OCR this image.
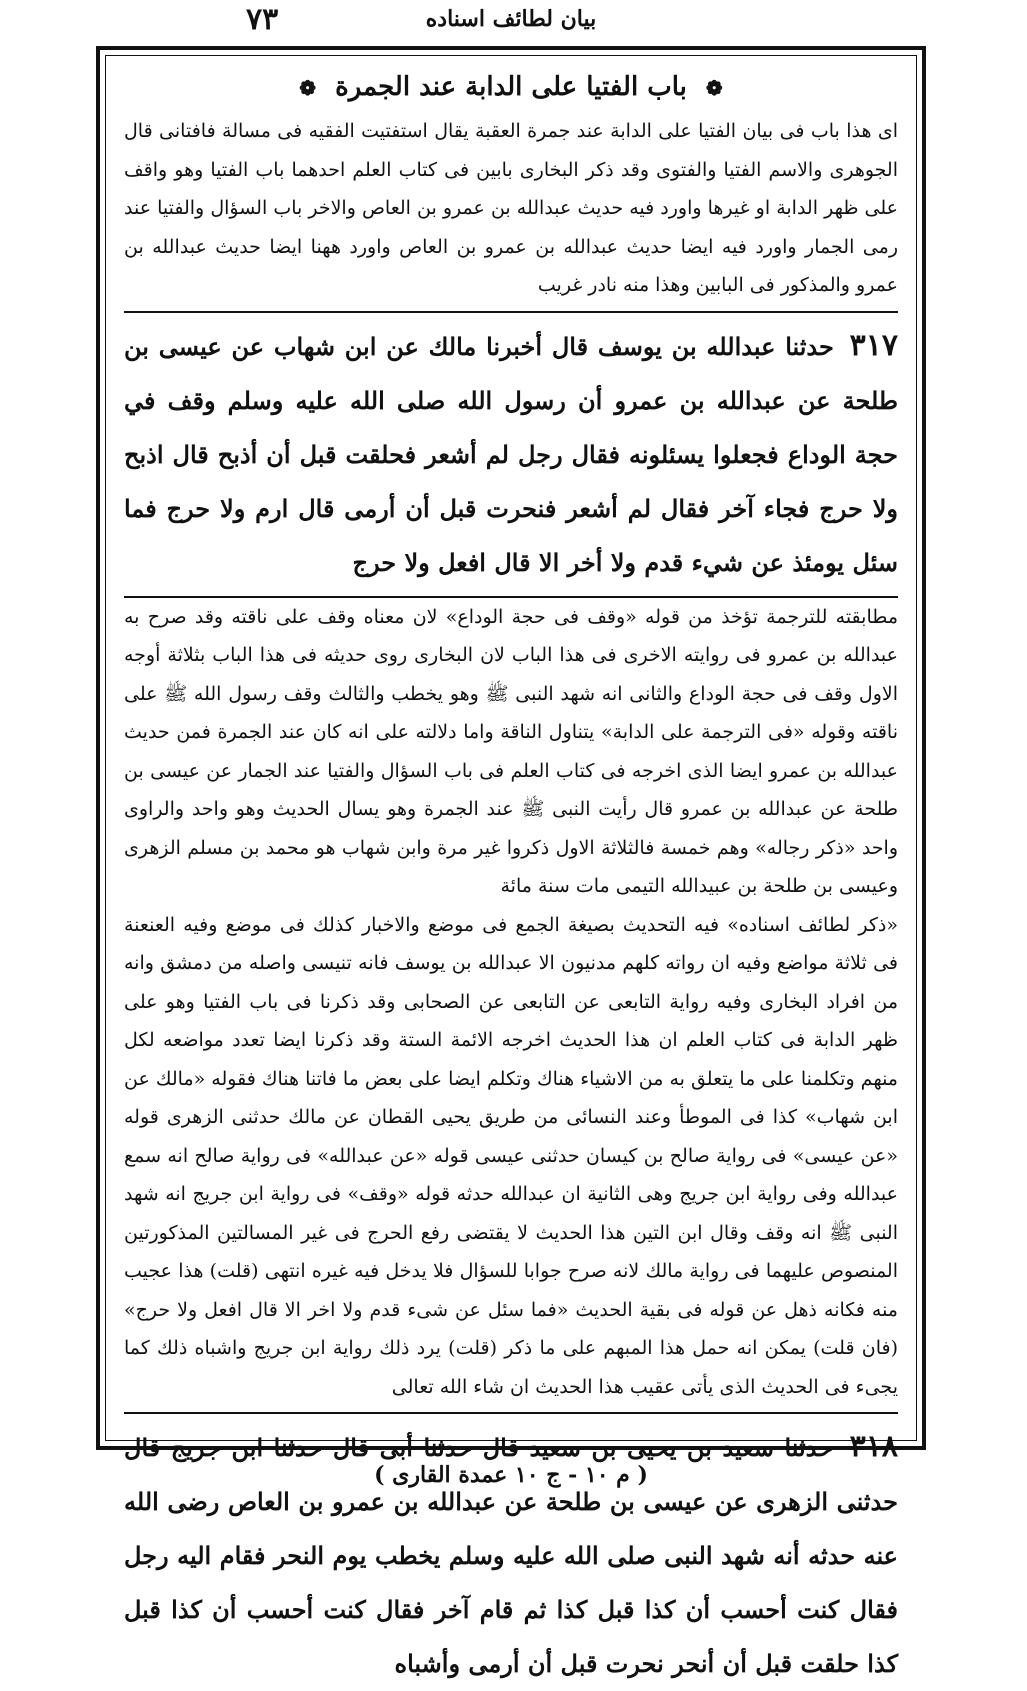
٧٣	بيان لطائف اسناده
❁ باب الفتيا على الدابة عند الجمرة ❁

اى هذا باب فى بيان الفتيا على الدابة عند جمرة العقبة يقال استفتيت الفقيه فى مسالة فافتانى قال الجوهرى والاسم الفتيا والفتوى وقد ذكر البخارى بابين فى كتاب العلم احدهما باب الفتيا وهو واقف على ظهر الدابة او غيرها واورد فيه حديث عبدالله بن عمرو بن العاص والاخر باب السؤال والفتيا عند رمى الجمار واورد فيه ايضا حديث عبدالله بن عمرو بن العاص واورد ههنا ايضا حديث عبدالله بن عمرو والمذكور فى البابين وهذا منه نادر غريب

٣١٧ حدثنا عبدالله بن يوسف قال أخبرنا مالك عن ابن شهاب عن عيسى بن طلحة عن عبدالله بن عمرو أن رسول الله صلى الله عليه وسلم وقف في حجة الوداع فجعلوا يسئلونه فقال رجل لم أشعر فحلقت قبل أن أذبح قال اذبح ولا حرج فجاء آخر فقال لم أشعر فنحرت قبل أن أرمى قال ارم ولا حرج فما سئل يومئذ عن شيء قدم ولا أخر الا قال افعل ولا حرج

مطابقته للترجمة تؤخذ من قوله «وقف فى حجة الوداع» لان معناه وقف على ناقته وقد صرح به عبدالله بن عمرو فى روايته الاخرى فى هذا الباب لان البخارى روى حديثه فى هذا الباب بثلاثة أوجه الاول وقف فى حجة الوداع والثانى انه شهد النبى ﷺ وهو يخطب والثالث وقف رسول الله ﷺ على ناقته وقوله «فى الترجمة على الدابة» يتناول الناقة واما دلالته على انه كان عند الجمرة فمن حديث عبدالله بن عمرو ايضا الذى اخرجه فى كتاب العلم فى باب السؤال والفتيا عند الجمار عن عيسى بن طلحة عن عبدالله بن عمرو قال رأيت النبى ﷺ عند الجمرة وهو يسال الحديث وهو واحد والراوى واحد «ذكر رجاله» وهم خمسة فالثلاثة الاول ذكروا غير مرة وابن شهاب هو محمد بن مسلم الزهرى وعيسى بن طلحة بن عبيدالله التيمى مات سنة مائة

«ذكر لطائف اسناده» فيه التحديث بصيغة الجمع فى موضع والاخبار كذلك فى موضع وفيه العنعنة فى ثلاثة مواضع وفيه ان رواته كلهم مدنيون الا عبدالله بن يوسف فانه تنيسى واصله من دمشق وانه من افراد البخارى وفيه رواية التابعى عن التابعى عن الصحابى وقد ذكرنا فى باب الفتيا وهو على ظهر الدابة فى كتاب العلم ان هذا الحديث اخرجه الائمة الستة وقد ذكرنا ايضا تعدد مواضعه لكل منهم وتكلمنا على ما يتعلق به من الاشياء هناك وتكلم ايضا على بعض ما فاتنا هناك فقوله «مالك عن ابن شهاب» كذا فى الموطأ وعند النسائى من طريق يحيى القطان عن مالك حدثنى الزهرى قوله «عن عيسى» فى رواية صالح بن كيسان حدثنى عيسى قوله «عن عبدالله» فى رواية صالح انه سمع عبدالله وفى رواية ابن جريج وهى الثانية ان عبدالله حدثه قوله «وقف» فى رواية ابن جريج انه شهد النبى ﷺ انه وقف وقال ابن التين هذا الحديث لا يقتضى رفع الحرج فى غير المسالتين المذكورتين المنصوص عليهما فى رواية مالك لانه صرح جوابا للسؤال فلا يدخل فيه غيره انتهى (قلت) هذا عجيب منه فكانه ذهل عن قوله فى بقية الحديث «فما سئل عن شىء قدم ولا اخر الا قال افعل ولا حرج» (فان قلت) يمكن انه حمل هذا المبهم على ما ذكر (قلت) يرد ذلك رواية ابن جريج واشباه ذلك كما يجىء فى الحديث الذى يأتى عقيب هذا الحديث ان شاء الله تعالى

٣١٨ حدثنا سعيد بن يحيى بن سعيد قال حدثنا أبى قال حدثنا ابن جريج قال حدثنى الزهرى عن عيسى بن طلحة عن عبدالله بن عمرو بن العاص رضى الله عنه حدثه أنه شهد النبى صلى الله عليه وسلم يخطب يوم النحر فقام اليه رجل فقال كنت أحسب أن كذا قبل كذا ثم قام آخر فقال كنت أحسب أن كذا قبل كذا حلقت قبل أن أنحر نحرت قبل أن أرمى وأشباه

( م ١٠ - ج ١٠ عمدة القارى )
